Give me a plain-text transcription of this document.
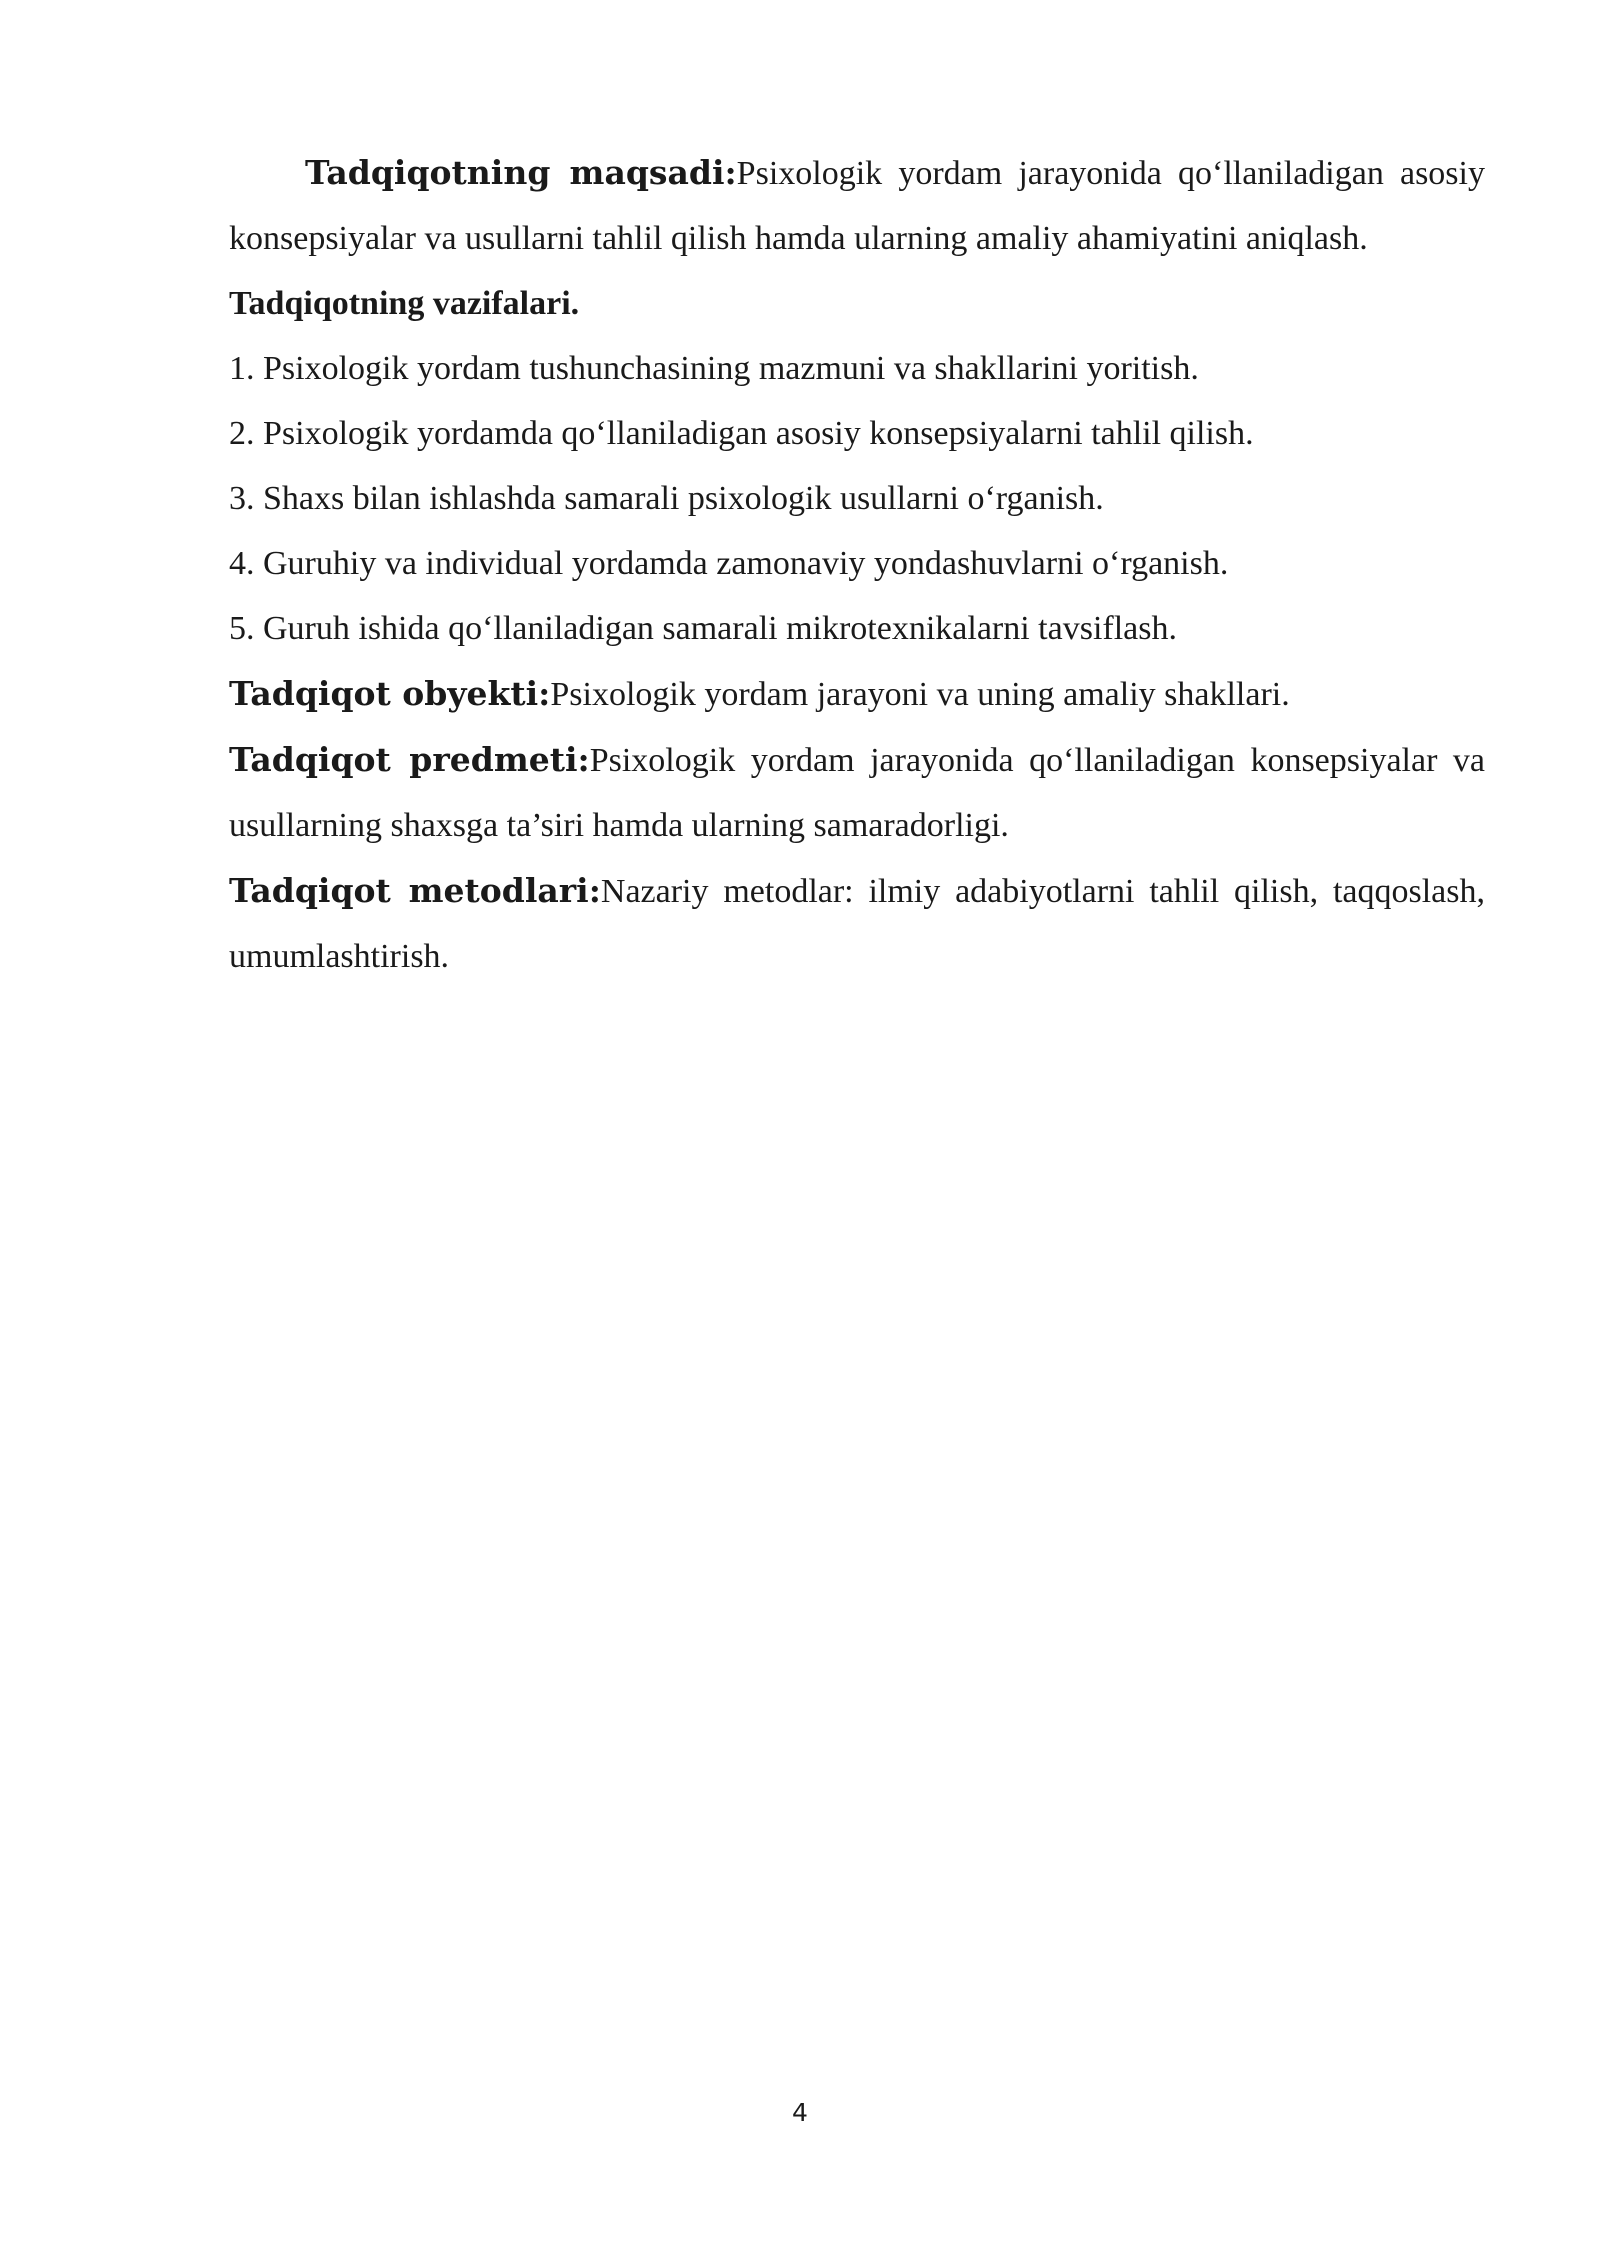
Tadqiqotning maqsadi:Psixologik yordam jarayonida qo‘llaniladigan asosiy konsepsiyalar va usullarni tahlil qilish hamda ularning amaliy ahamiyatini aniqlash.

Tadqiqotning vazifalari.

1. Psixologik yordam tushunchasining mazmuni va shakllarini yoritish.

2. Psixologik yordamda qo‘llaniladigan asosiy konsepsiyalarni tahlil qilish.

3. Shaxs bilan ishlashda samarali psixologik usullarni o‘rganish.

4. Guruhiy va individual yordamda zamonaviy yondashuvlarni o‘rganish.

5. Guruh ishida qo‘llaniladigan samarali mikrotexnikalarni tavsiflash.

Tadqiqot obyekti:Psixologik yordam jarayoni va uning amaliy shakllari.

Tadqiqot predmeti:Psixologik yordam jarayonida qo‘llaniladigan konsepsiyalar va usullarning shaxsga ta’siri hamda ularning samaradorligi.

Tadqiqot metodlari:Nazariy metodlar: ilmiy adabiyotlarni tahlil qilish, taqqoslash, umumlashtirish.

4
